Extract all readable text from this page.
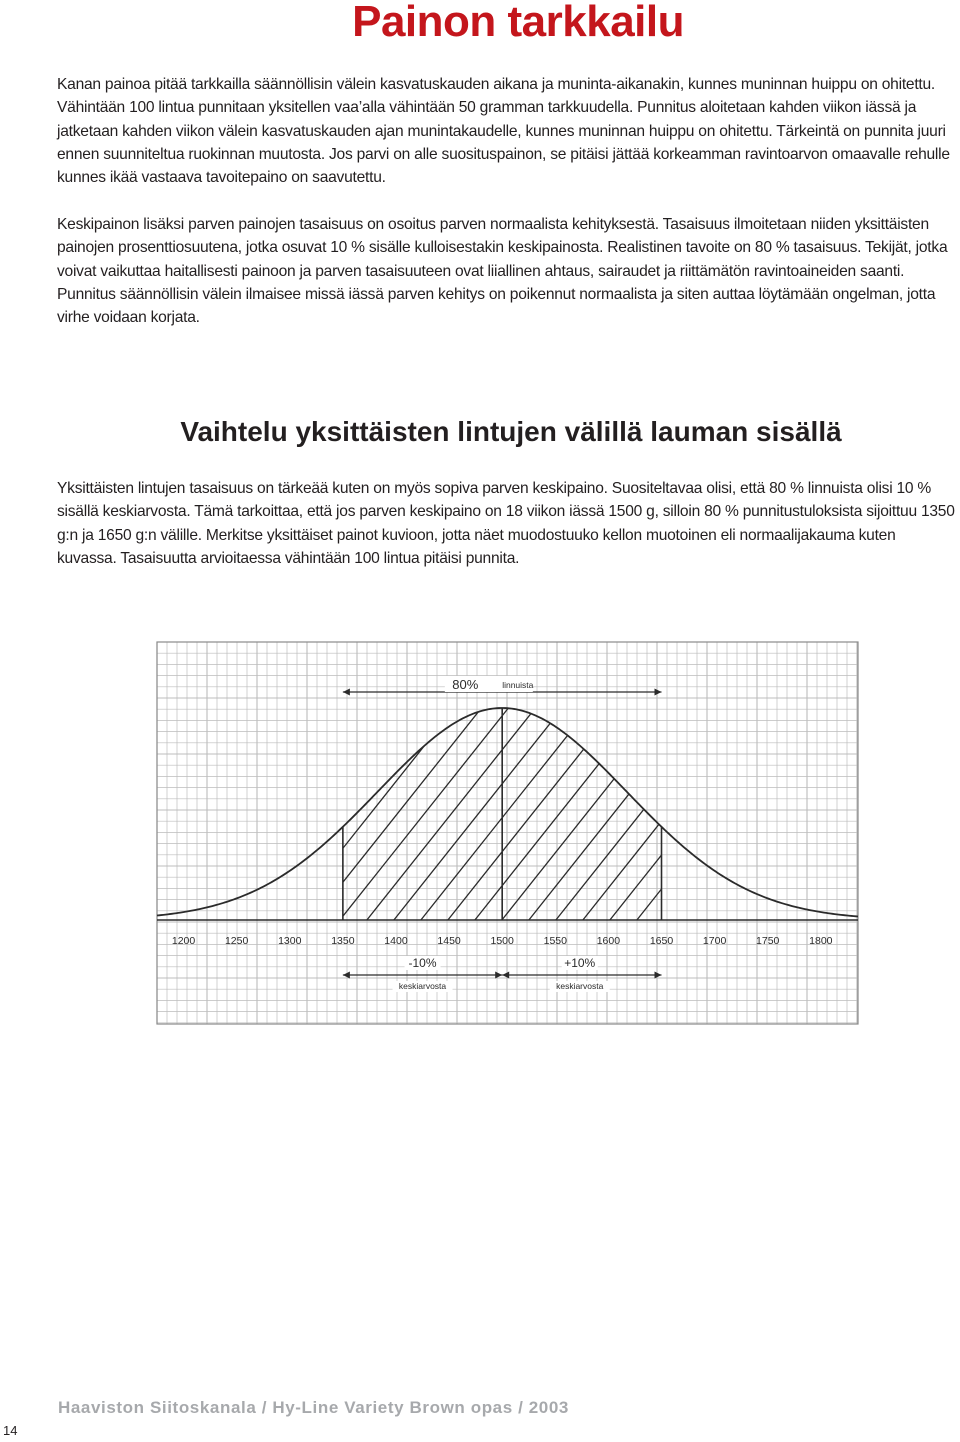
Painon tarkkailu

Kanan painoa pitää tarkkailla säännöllisin välein kasvatuskauden aikana ja muninta-aikanakin, kunnes muninnan huippu on ohitettu. Vähintään 100 lintua punnitaan yksitellen vaa’alla vähintään 50 gramman tarkkuudella. Punnitus aloitetaan kahden viikon iässä ja jatketaan kahden viikon välein kasvatuskauden ajan munintakaudelle, kunnes muninnan huippu on ohitettu. Tärkeintä on punnita juuri ennen suunniteltua ruokinnan muutosta. Jos parvi on alle suosituspainon, se pitäisi jättää korkeamman ravintoarvon omaavalle rehulle kunnes ikää vastaava tavoitepaino on saavutettu.

Keskipainon lisäksi parven painojen tasaisuus on osoitus parven normaalista kehityksestä. Tasaisuus ilmoitetaan niiden yksittäisten painojen prosenttiosuutena, jotka osuvat 10 % sisälle kulloisestakin keskipainosta. Realistinen tavoite on 80 % tasaisuus. Tekijät, jotka voivat vaikuttaa haitallisesti painoon ja parven tasaisuuteen ovat liiallinen ahtaus, sairaudet ja riittämätön ravintoaineiden saanti. Punnitus säännöllisin välein ilmaisee missä iässä parven kehitys on poikennut normaalista ja siten auttaa löytämään ongelman, jotta virhe voidaan korjata.

Vaihtelu yksittäisten lintujen välillä lauman sisällä

Yksittäisten lintujen tasaisuus on tärkeää kuten on myös sopiva parven keskipaino. Suositeltavaa olisi, että 80 % linnuista olisi 10 % sisällä keskiarvosta. Tämä tarkoittaa, että jos parven keskipaino on 18 viikon iässä 1500 g, silloin 80 % punnitustuloksista sijoittuu 1350 g:n ja 1650 g:n välille. Merkitse yksittäiset painot kuvioon, jotta näet muodostuuko kellon muotoinen eli normaalijakauma kuten kuvassa. Tasaisuutta arvioitaessa vähintään 100 lintua pitäisi punnita.

1200	1250	1300	1350	1400	1450	1500	1550	1600	1650	1700	1750	1800
80%	linnuista
-10%
keskiarvosta
+10%
keskiarvosta
Haaviston Siitoskanala / Hy-Line Variety Brown opas / 2003
14
